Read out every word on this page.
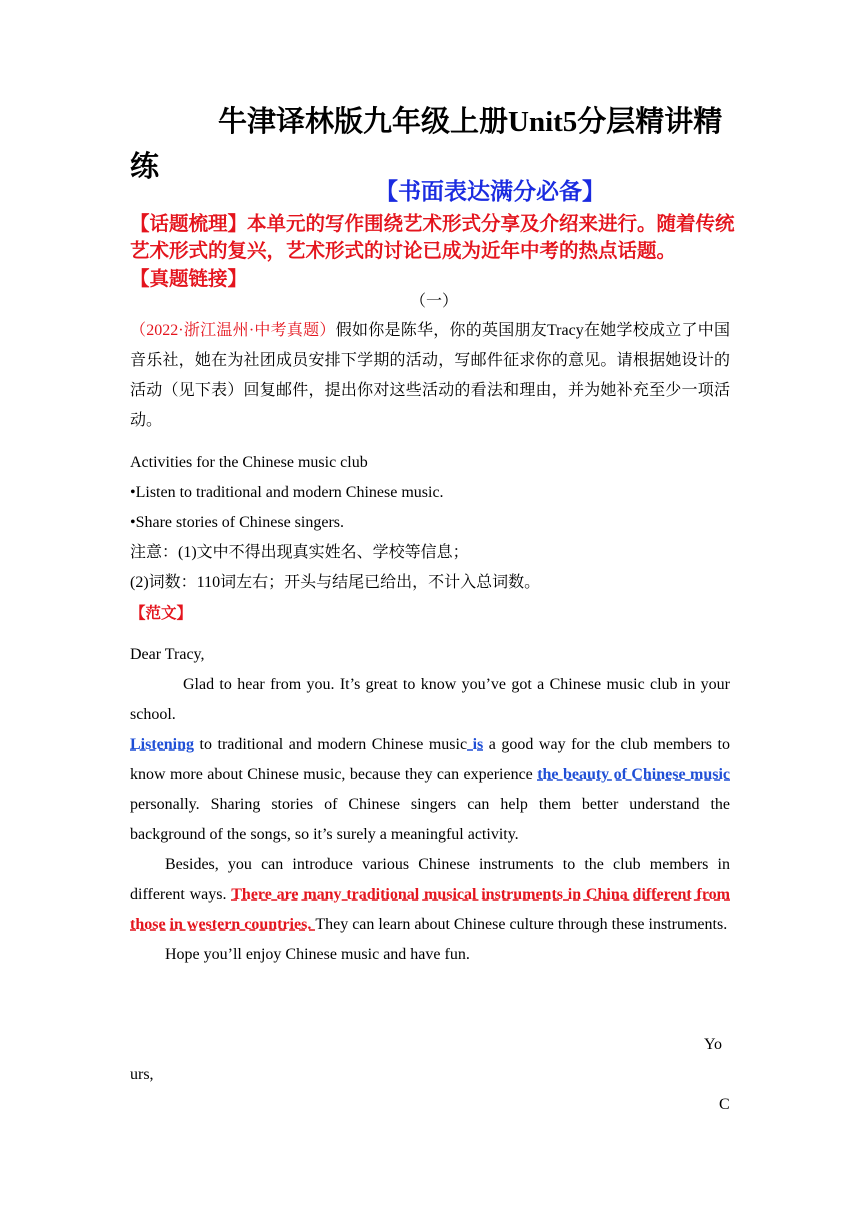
牛津译林版九年级上册Unit5分层精讲精练
【书面表达满分必备】
【话题梳理】本单元的写作围绕艺术形式分享及介绍来进行。随着传统艺术形式的复兴，艺术形式的讨论已成为近年中考的热点话题。
【真题链接】
（一）
（2022·浙江温州·中考真题）假如你是陈华，你的英国朋友Tracy在她学校成立了中国音乐社，她在为社团成员安排下学期的活动，写邮件征求你的意见。请根据她设计的活动（见下表）回复邮件，提出你对这些活动的看法和理由，并为她补充至少一项活动。
Activities for the Chinese music club
•Listen to traditional and modern Chinese music.
•Share stories of Chinese singers.
注意：(1)文中不得出现真实姓名、学校等信息；
(2)词数：110词左右；开头与结尾已给出，不计入总词数。
【范文】

Dear Tracy,

Glad to hear from you. It’s great to know you’ve got a Chinese music club in your school.

Listening to traditional and modern Chinese music is a good way for the club members to know more about Chinese music, because they can experience the beauty of Chinese music personally. Sharing stories of Chinese singers can help them better understand the background of the songs, so it’s surely a meaningful activity.

Besides, you can introduce various Chinese instruments to the club members in different ways. There are many traditional musical instruments in China different from those in western countries. They can learn about Chinese culture through these instruments.

Hope you’ll enjoy Chinese music and have fun.

Yo
urs,
C
